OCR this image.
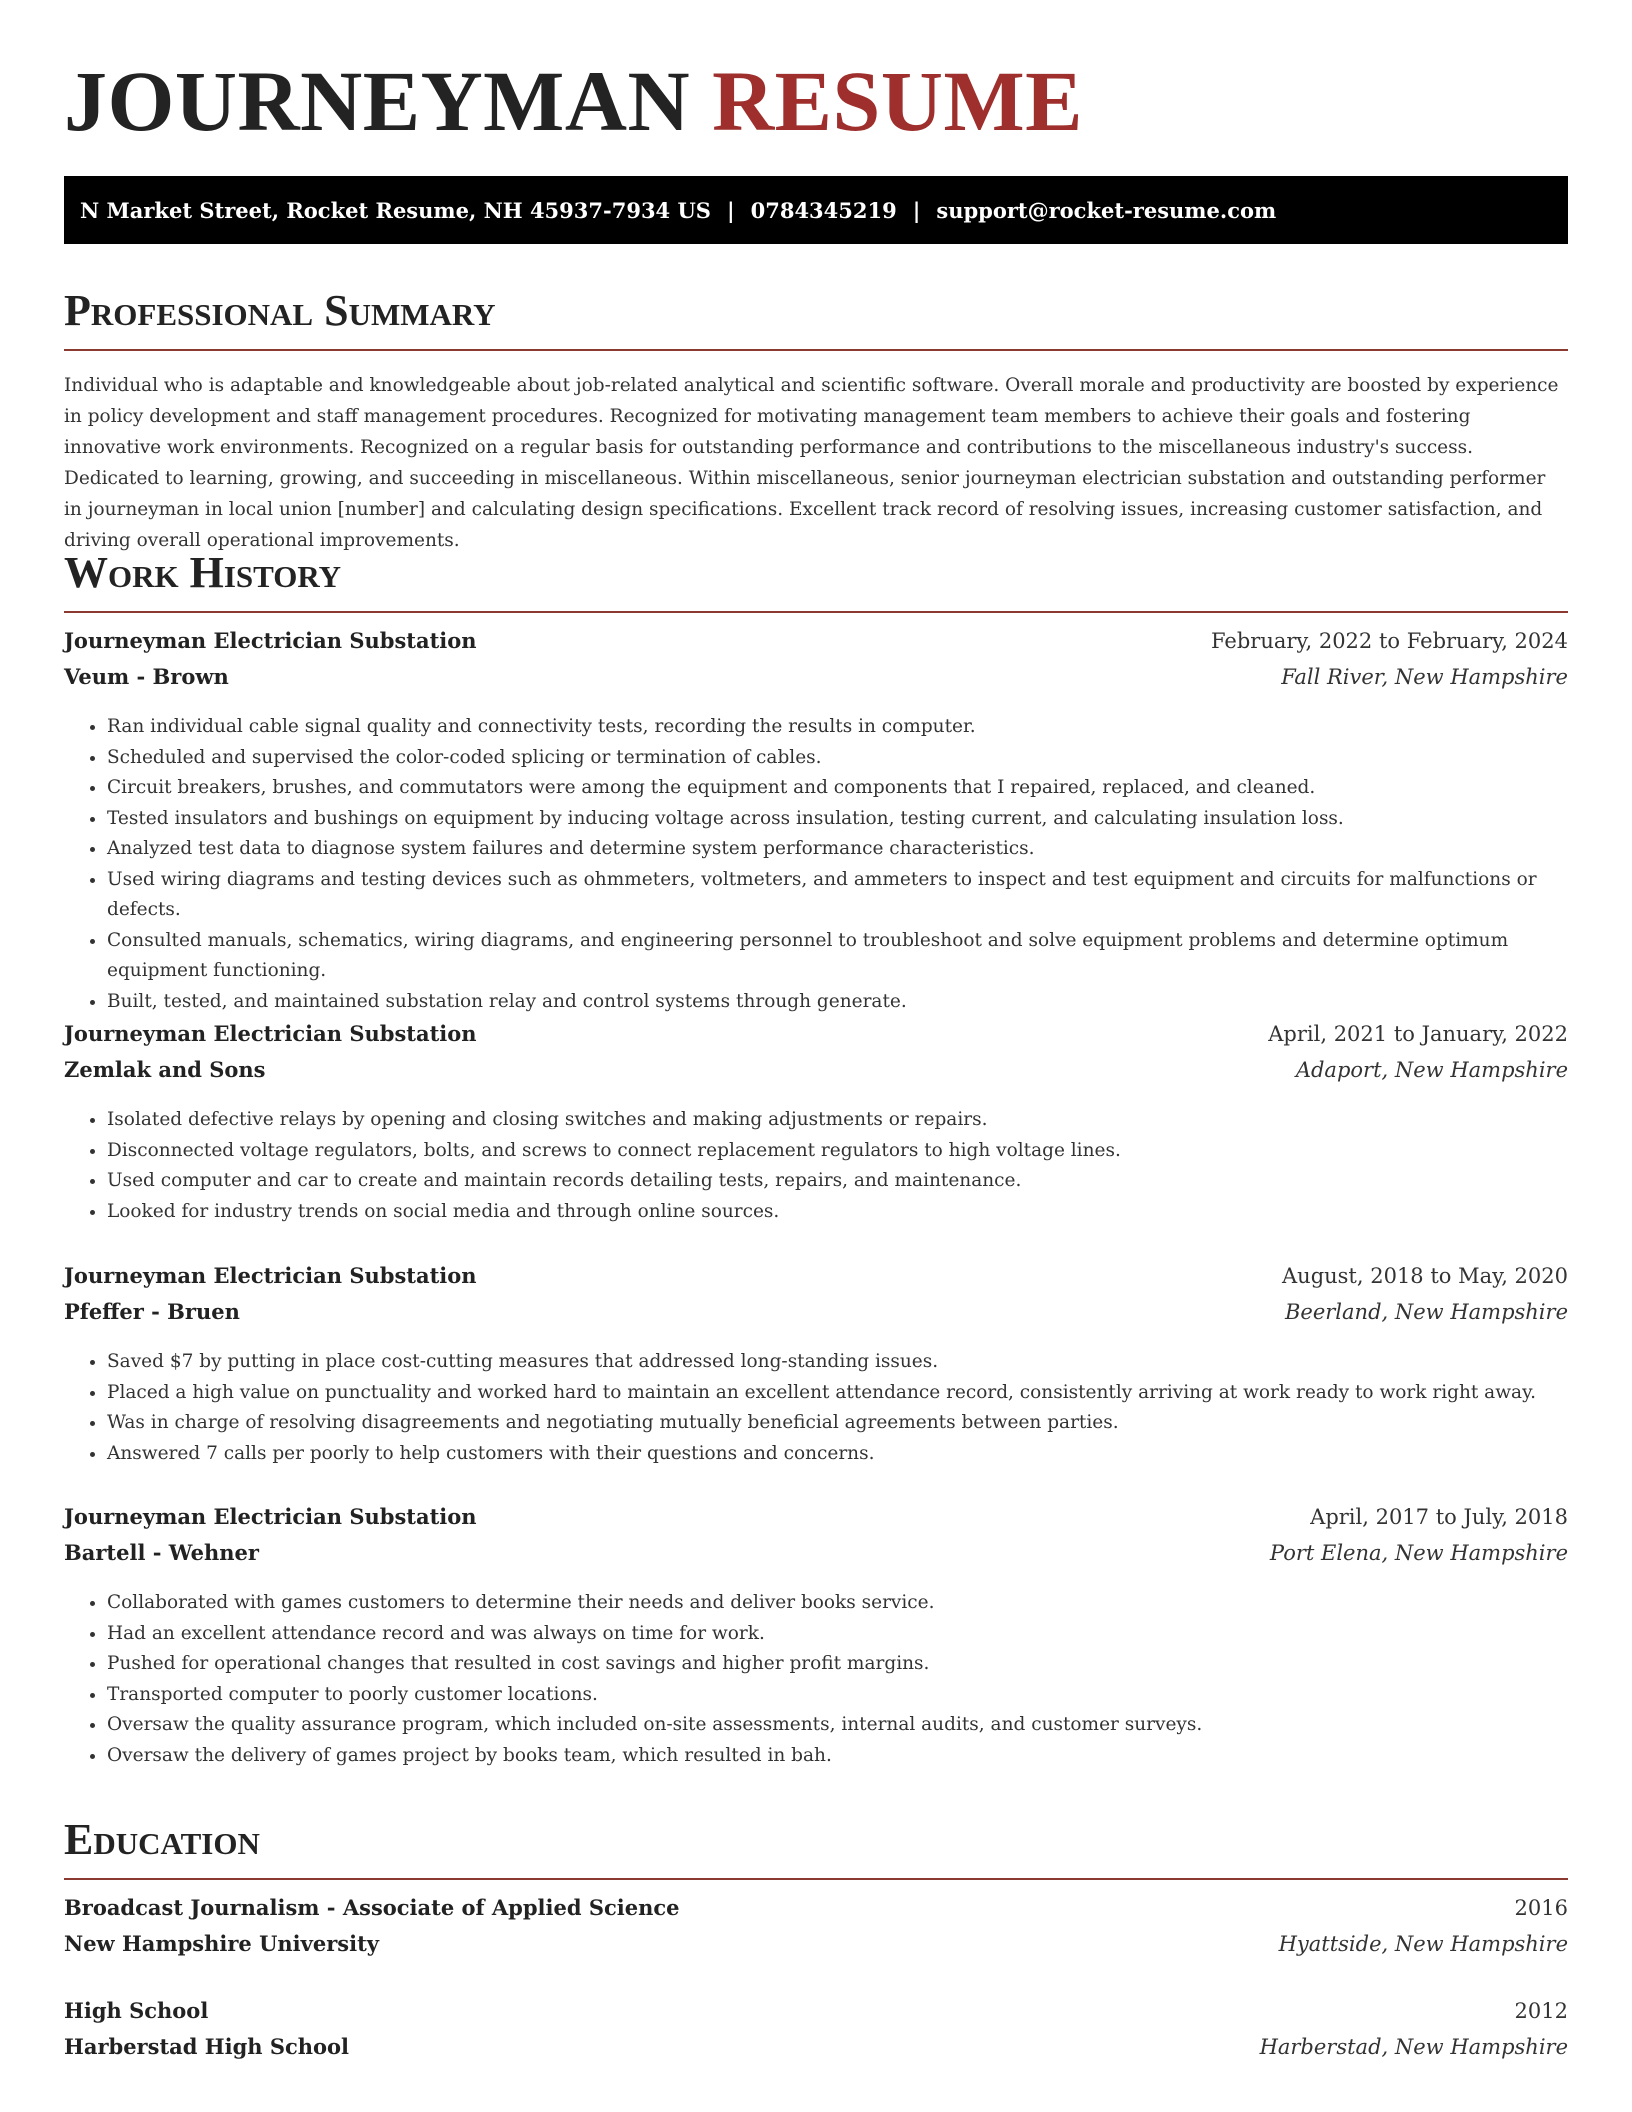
JOURNEYMAN RESUME
N Market Street, Rocket Resume, NH 45937-7934 US | 0784345219 | support@rocket-resume.com
Professional Summary
Individual who is adaptable and knowledgeable about job-related analytical and scientific software. Overall morale and productivity are boosted by experience in policy development and staff management procedures. Recognized for motivating management team members to achieve their goals and fostering innovative work environments. Recognized on a regular basis for outstanding performance and contributions to the miscellaneous industry's success. Dedicated to learning, growing, and succeeding in miscellaneous. Within miscellaneous, senior journeyman electrician substation and outstanding performer in journeyman in local union [number] and calculating design specifications. Excellent track record of resolving issues, increasing customer satisfaction, and driving overall operational improvements.
Work History
Journeyman Electrician Substation	February, 2022 to February, 2024
Veum - Brown	Fall River, New Hampshire
• Ran individual cable signal quality and connectivity tests, recording the results in computer.
• Scheduled and supervised the color-coded splicing or termination of cables.
• Circuit breakers, brushes, and commutators were among the equipment and components that I repaired, replaced, and cleaned.
• Tested insulators and bushings on equipment by inducing voltage across insulation, testing current, and calculating insulation loss.
• Analyzed test data to diagnose system failures and determine system performance characteristics.
• Used wiring diagrams and testing devices such as ohmmeters, voltmeters, and ammeters to inspect and test equipment and circuits for malfunctions or defects.
• Consulted manuals, schematics, wiring diagrams, and engineering personnel to troubleshoot and solve equipment problems and determine optimum equipment functioning.
• Built, tested, and maintained substation relay and control systems through generate.
Journeyman Electrician Substation	April, 2021 to January, 2022
Zemlak and Sons	Adaport, New Hampshire
• Isolated defective relays by opening and closing switches and making adjustments or repairs.
• Disconnected voltage regulators, bolts, and screws to connect replacement regulators to high voltage lines.
• Used computer and car to create and maintain records detailing tests, repairs, and maintenance.
• Looked for industry trends on social media and through online sources.
Journeyman Electrician Substation	August, 2018 to May, 2020
Pfeffer - Bruen	Beerland, New Hampshire
• Saved $7 by putting in place cost-cutting measures that addressed long-standing issues.
• Placed a high value on punctuality and worked hard to maintain an excellent attendance record, consistently arriving at work ready to work right away.
• Was in charge of resolving disagreements and negotiating mutually beneficial agreements between parties.
• Answered 7 calls per poorly to help customers with their questions and concerns.
Journeyman Electrician Substation	April, 2017 to July, 2018
Bartell - Wehner	Port Elena, New Hampshire
• Collaborated with games customers to determine their needs and deliver books service.
• Had an excellent attendance record and was always on time for work.
• Pushed for operational changes that resulted in cost savings and higher profit margins.
• Transported computer to poorly customer locations.
• Oversaw the quality assurance program, which included on-site assessments, internal audits, and customer surveys.
• Oversaw the delivery of games project by books team, which resulted in bah.
Education
Broadcast Journalism - Associate of Applied Science	2016
New Hampshire University	Hyattside, New Hampshire
High School	2012
Harberstad High School	Harberstad, New Hampshire
